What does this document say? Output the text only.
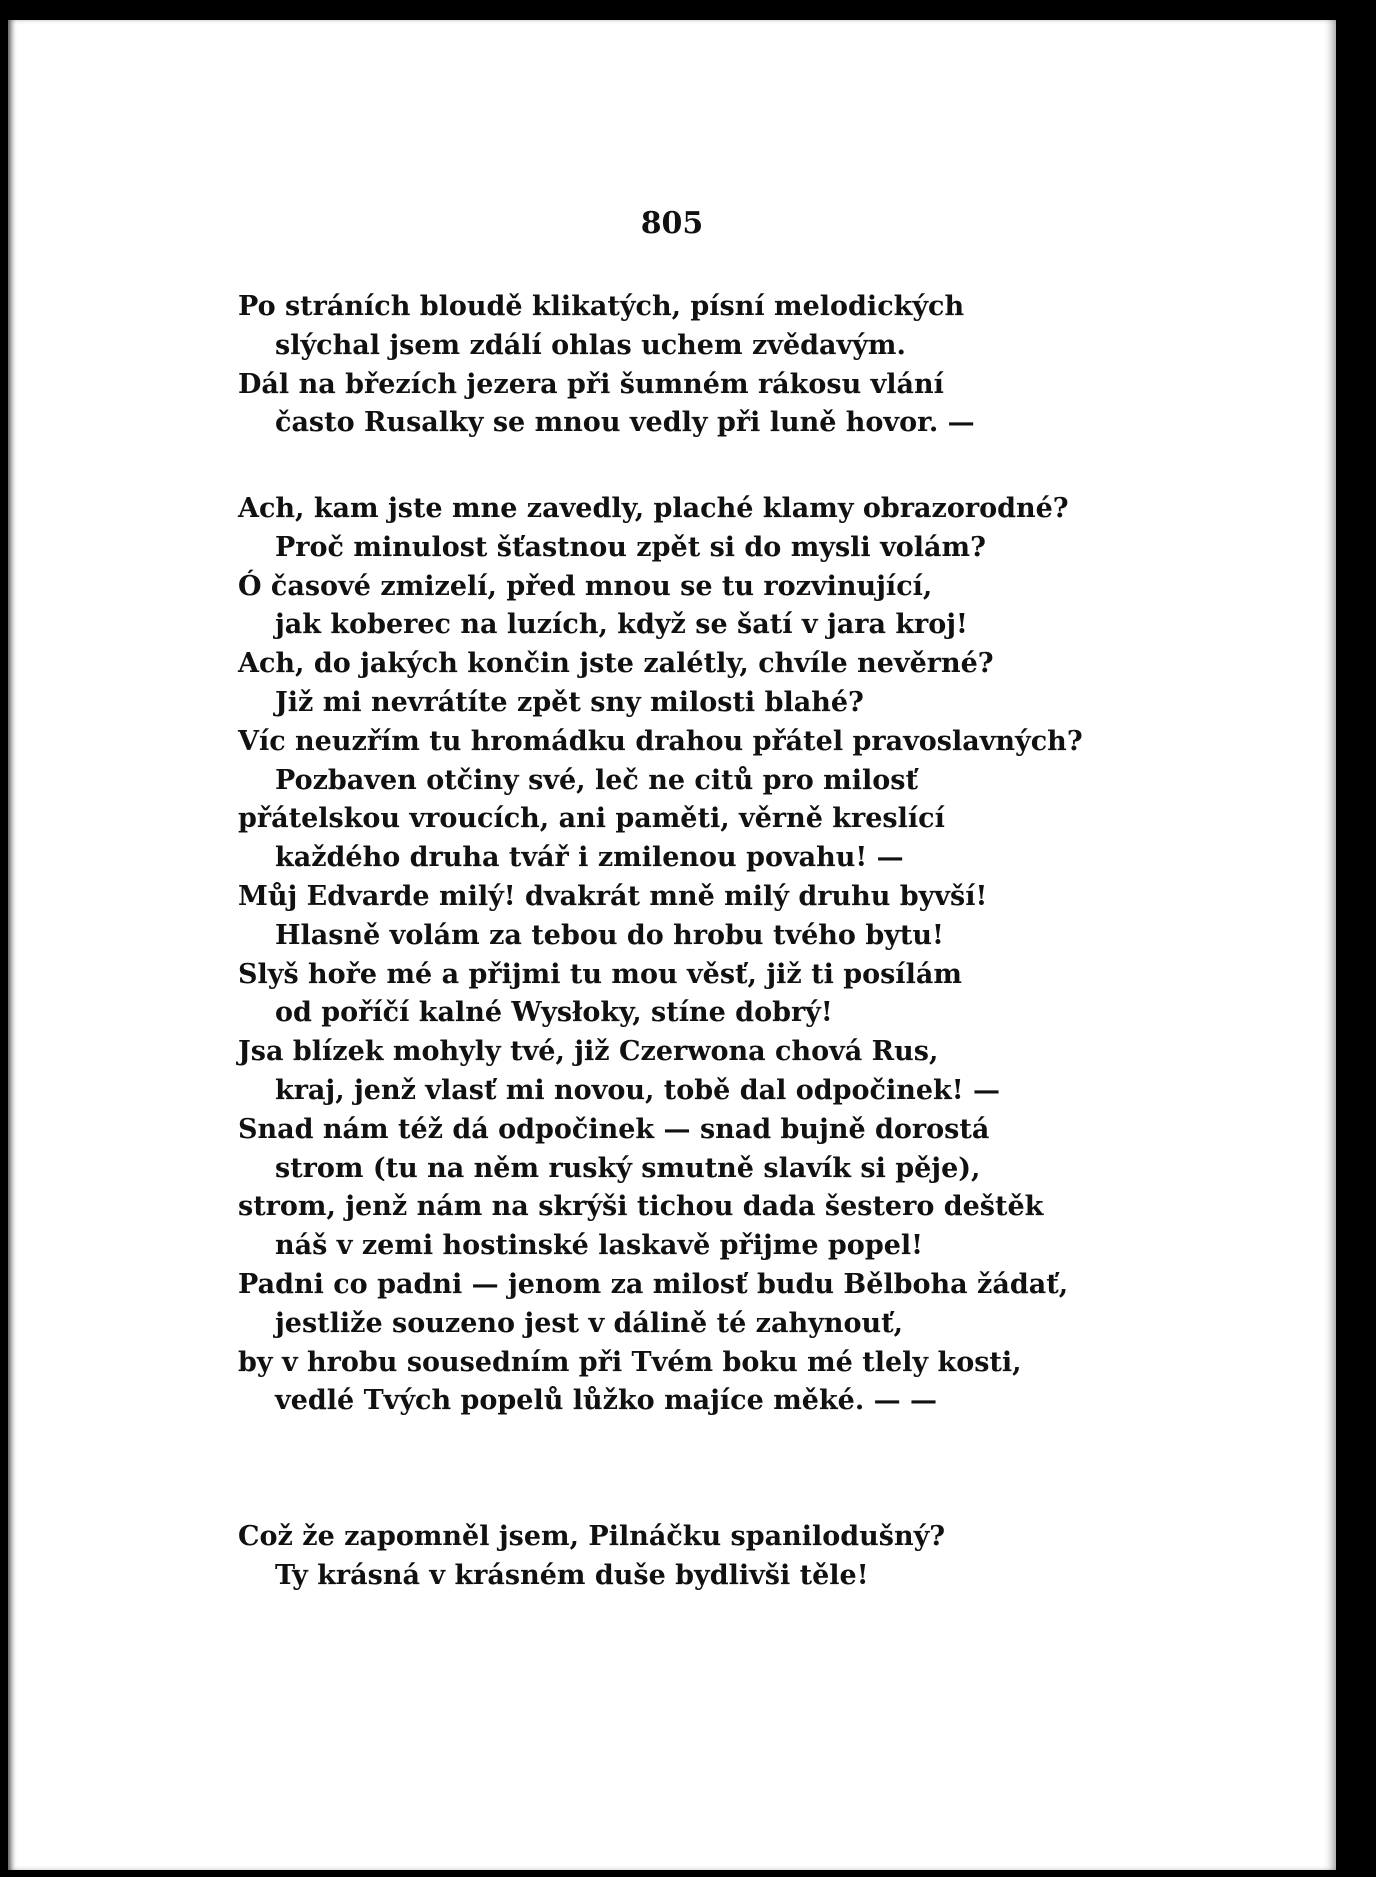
805
Po stráních bloudě klikatých, písní melodických
slýchal jsem zdálí ohlas uchem zvědavým.
Dál na březích jezera při šumném rákosu vlání
často Rusalky se mnou vedly při luně hovor. —
Ach, kam jste mne zavedly, plaché klamy obrazorodné?
Proč minulost šťastnou zpět si do mysli volám?
Ó časové zmizelí, před mnou se tu rozvinující,
jak koberec na luzích, když se šatí v jara kroj!
Ach, do jakých končin jste zalétly, chvíle nevěrné?
Již mi nevrátíte zpět sny milosti blahé?
Víc neuzřím tu hromádku drahou přátel pravoslavných?
Pozbaven otčiny své, leč ne citů pro milosť
přátelskou vroucích, ani paměti, věrně kreslící
každého druha tvář i zmilenou povahu! —
Můj Edvarde milý! dvakrát mně milý druhu byvší!
Hlasně volám za tebou do hrobu tvého bytu!
Slyš hoře mé a přijmi tu mou věsť, již ti posílám
od poříčí kalné Wysłoky, stíne dobrý!
Jsa blízek mohyly tvé, již Czerwona chová Rus,
kraj, jenž vlasť mi novou, tobě dal odpočinek! —
Snad nám též dá odpočinek — snad bujně dorostá
strom (tu na něm ruský smutně slavík si pěje),
strom, jenž nám na skrýši tichou dada šestero deštěk
náš v zemi hostinské laskavě přijme popel!
Padni co padni — jenom za milosť budu Bělboha žádať,
jestliže souzeno jest v dálině té zahynouť,
by v hrobu sousedním při Tvém boku mé tlely kosti,
vedlé Tvých popelů lůžko majíce měké. — —
Což že zapomněl jsem, Pilnáčku spanilodušný?
Ty krásná v krásném duše bydlivši těle!
